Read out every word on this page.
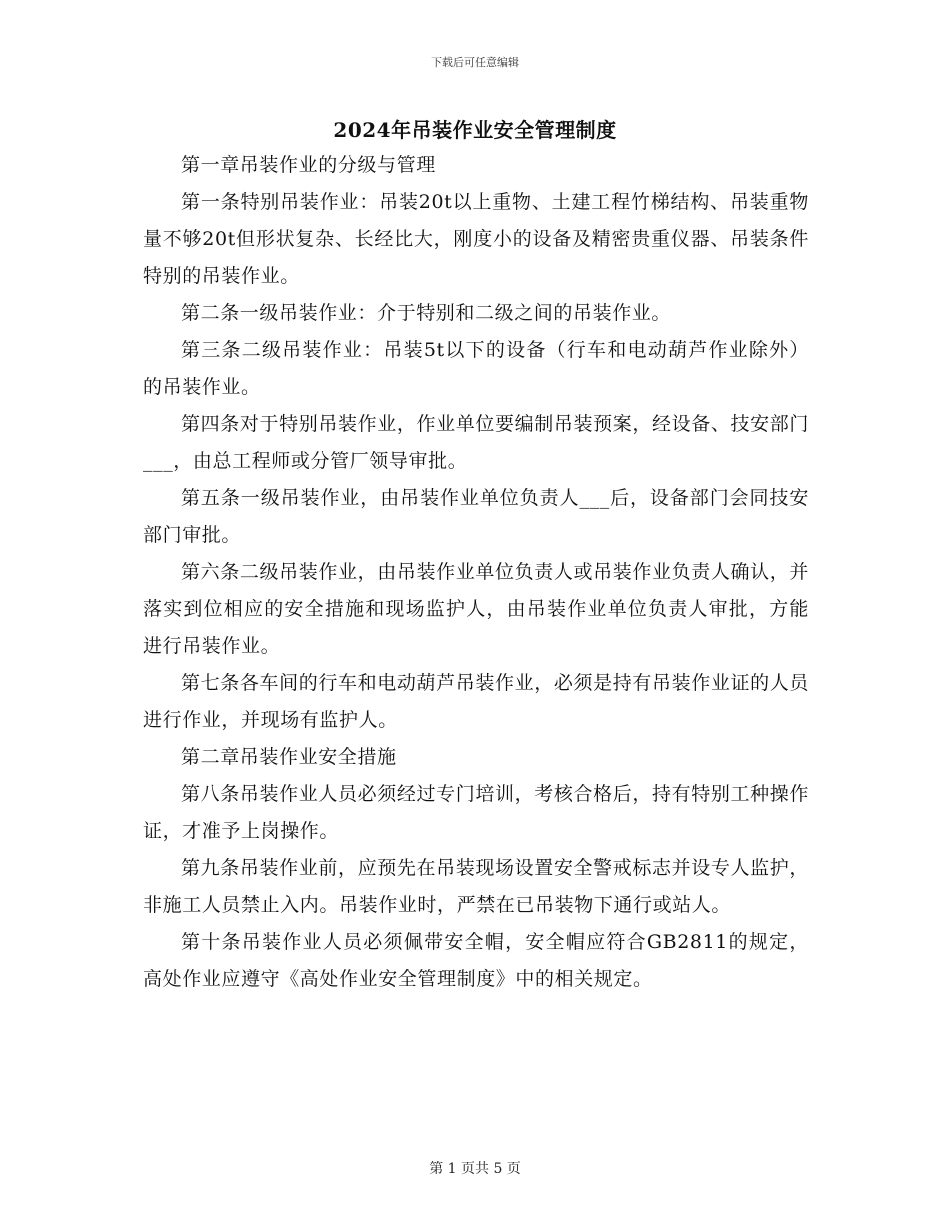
下载后可任意编辑
2024年吊装作业安全管理制度

第一章吊装作业的分级与管理

第一条特别吊装作业：吊装20t以上重物、土建工程竹梯结构、吊装重物量不够20t但形状复杂、长经比大，刚度小的设备及精密贵重仪器、吊装条件特别的吊装作业。

第二条一级吊装作业：介于特别和二级之间的吊装作业。

第三条二级吊装作业：吊装5t以下的设备（行车和电动葫芦作业除外）的吊装作业。

第四条对于特别吊装作业，作业单位要编制吊装预案，经设备、技安部门___，由总工程师或分管厂领导审批。

第五条一级吊装作业，由吊装作业单位负责人___后，设备部门会同技安部门审批。

第六条二级吊装作业，由吊装作业单位负责人或吊装作业负责人确认，并落实到位相应的安全措施和现场监护人，由吊装作业单位负责人审批，方能进行吊装作业。

第七条各车间的行车和电动葫芦吊装作业，必须是持有吊装作业证的人员进行作业，并现场有监护人。

第二章吊装作业安全措施

第八条吊装作业人员必须经过专门培训，考核合格后，持有特别工种操作证，才准予上岗操作。

第九条吊装作业前，应预先在吊装现场设置安全警戒标志并设专人监护，非施工人员禁止入内。吊装作业时，严禁在已吊装物下通行或站人。

第十条吊装作业人员必须佩带安全帽，安全帽应符合GB2811的规定，高处作业应遵守《高处作业安全管理制度》中的相关规定。

第 1 页共 5 页
